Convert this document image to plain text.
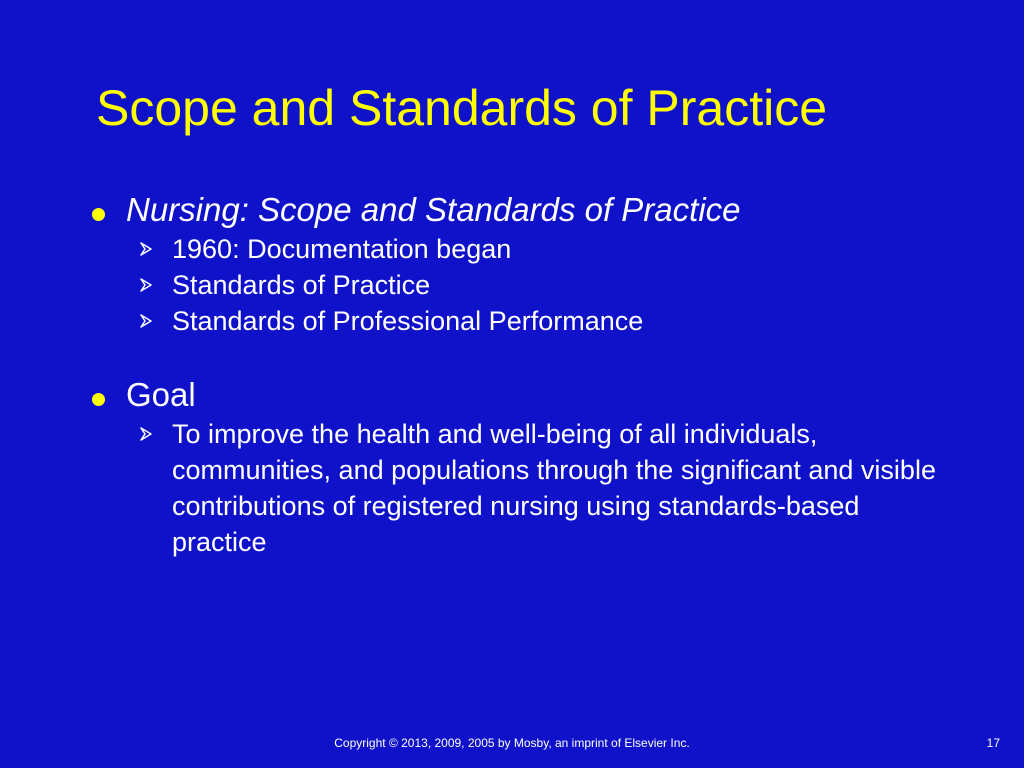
Scope and Standards of Practice
Nursing: Scope and Standards of Practice
1960: Documentation began
Standards of Practice
Standards of Professional Performance
Goal
To improve the health and well-being of all individuals, communities, and populations through the significant and visible contributions of registered nursing using standards-based practice
Copyright © 2013, 2009, 2005 by Mosby, an imprint of Elsevier Inc.	17
